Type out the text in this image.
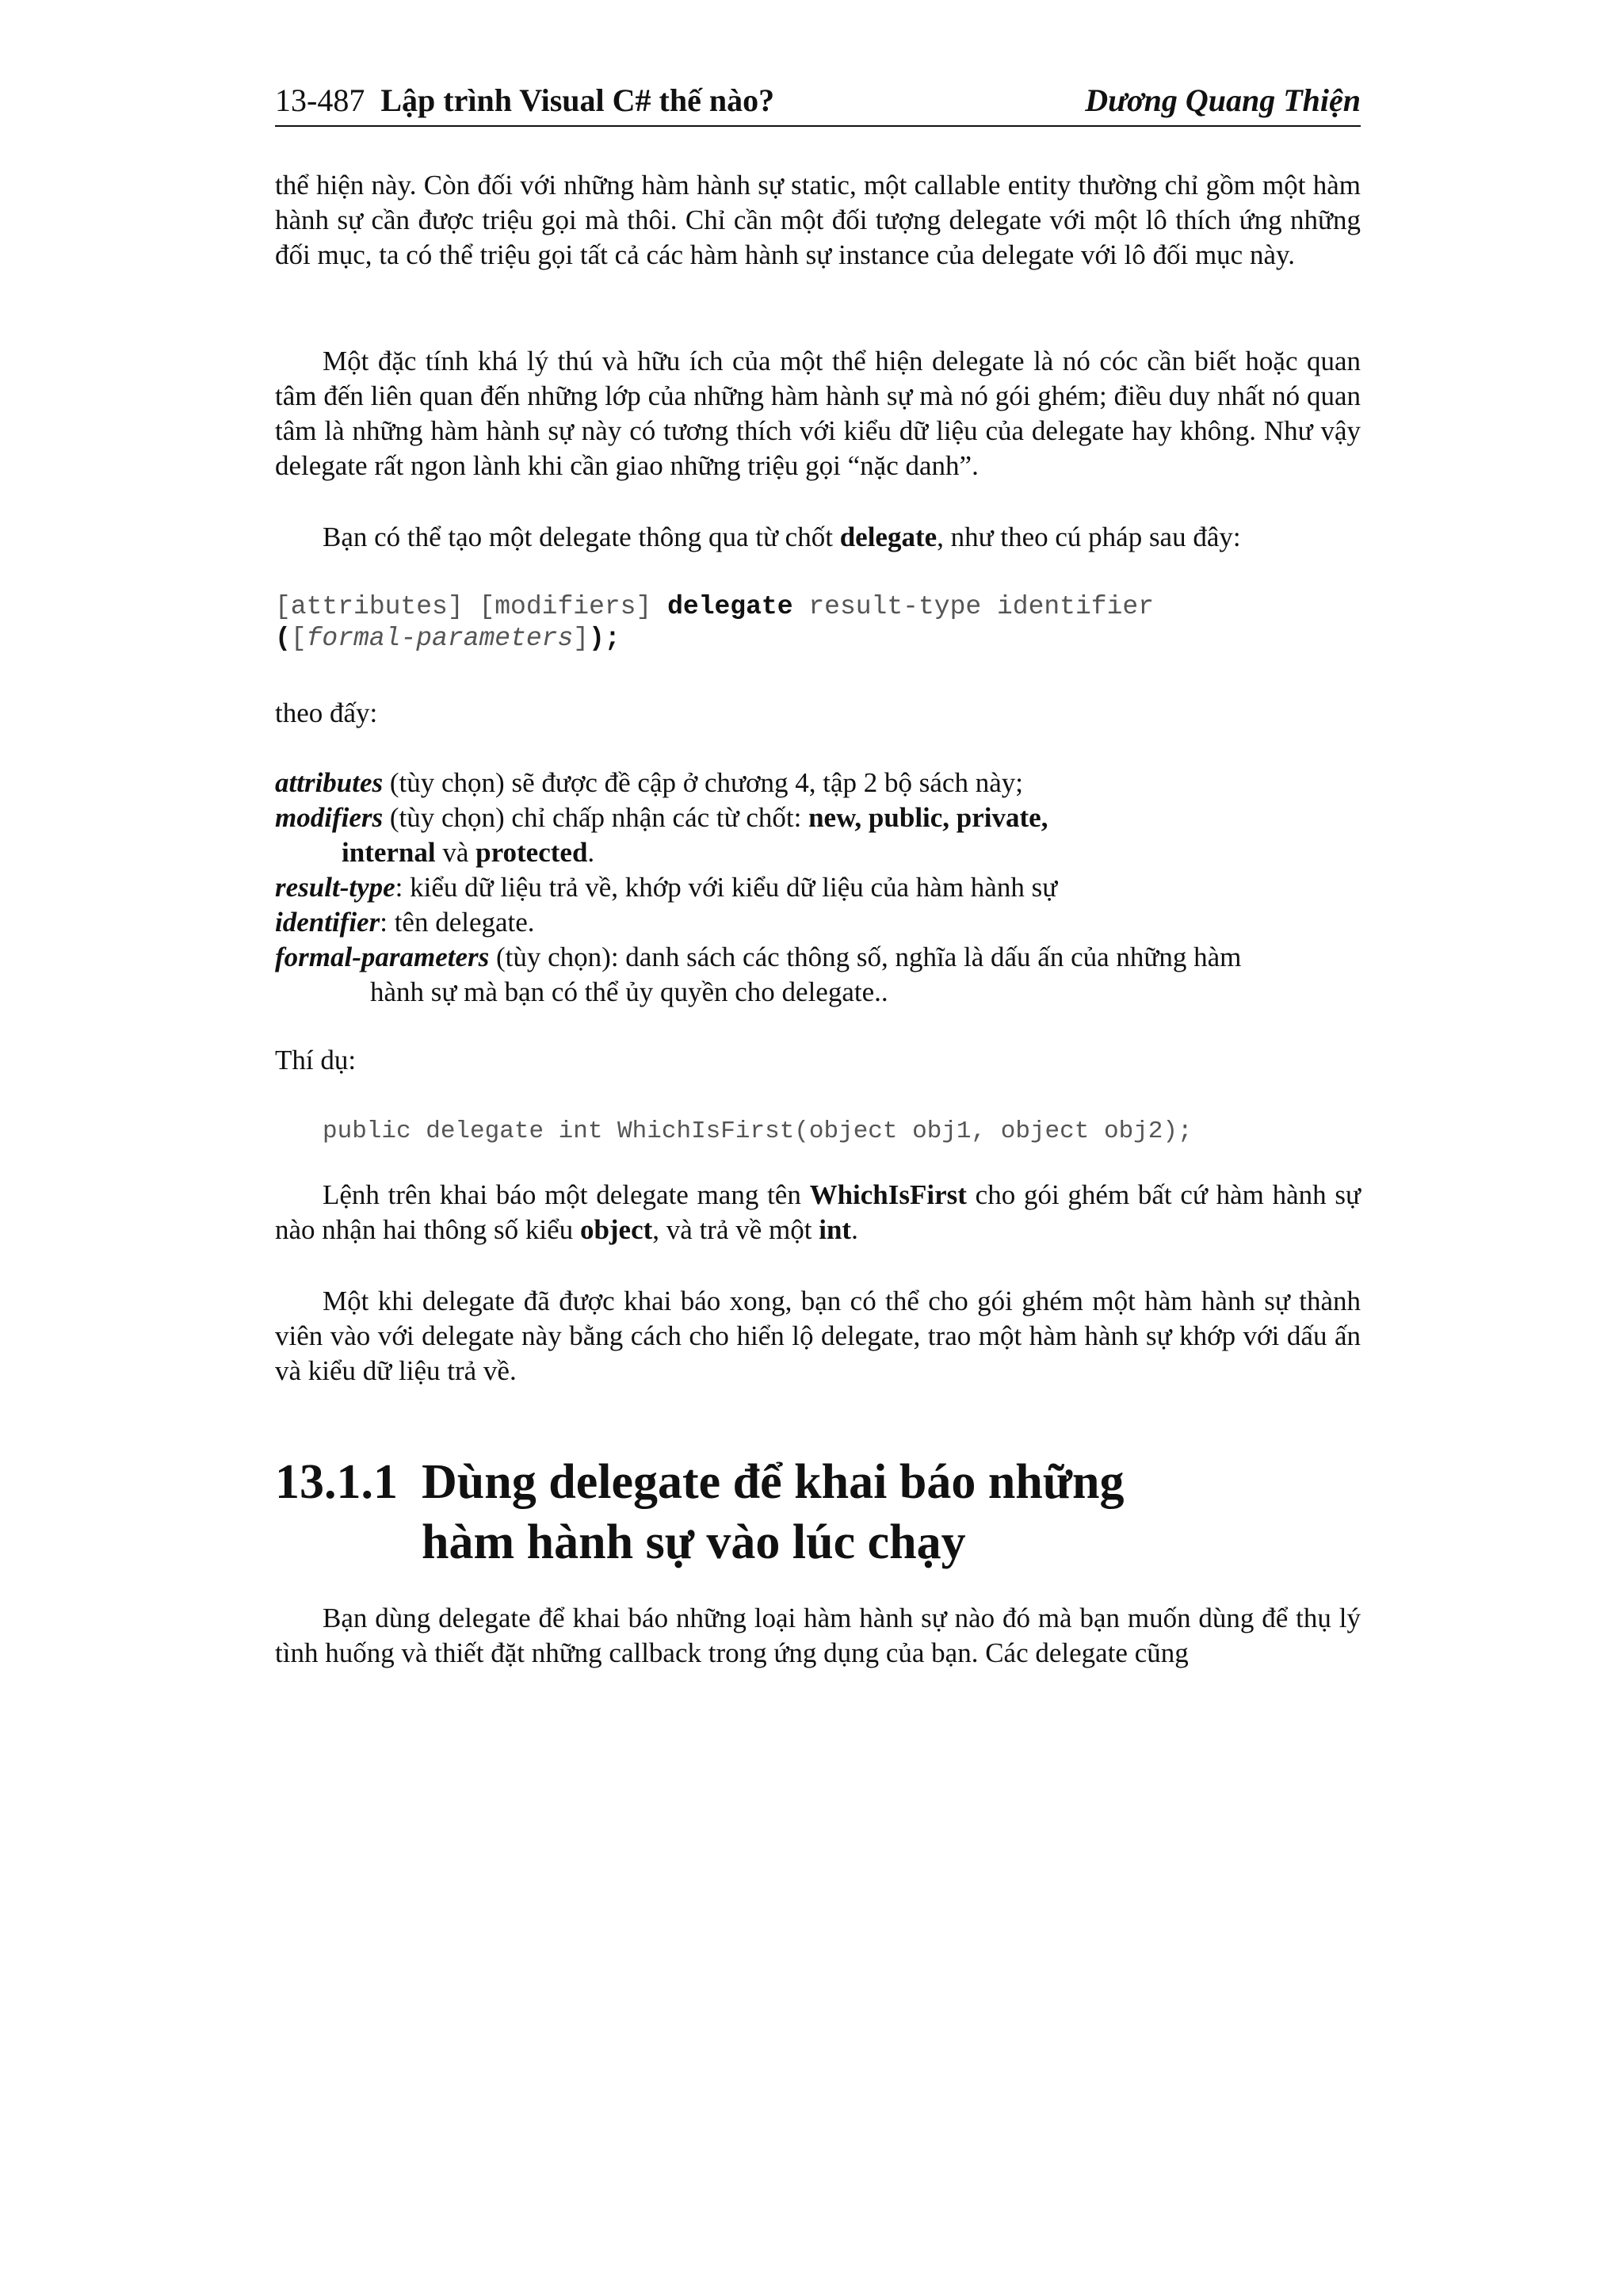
13-487 Lập trình Visual C# thế nào?	Dương Quang Thiện
thể hiện này. Còn đối với những hàm hành sự static, một callable entity thường chỉ gồm một hàm hành sự cần được triệu gọi mà thôi. Chỉ cần một đối tượng delegate với một lô thích ứng những đối mục, ta có thể triệu gọi tất cả các hàm hành sự instance của delegate với lô đối mục này.
Một đặc tính khá lý thú và hữu ích của một thể hiện delegate là nó cóc cần biết hoặc quan tâm đến liên quan đến những lớp của những hàm hành sự mà nó gói ghém; điều duy nhất nó quan tâm là những hàm hành sự này có tương thích với kiểu dữ liệu của delegate hay không. Như vậy delegate rất ngon lành khi cần giao những triệu gọi “nặc danh”.
Bạn có thể tạo một delegate thông qua từ chốt delegate, như theo cú pháp sau đây:
[attributes] [modifiers] delegate result-type identifier
([formal-parameters]);
theo đấy:
attributes (tùy chọn) sẽ được đề cập ở chương 4, tập 2 bộ sách này;
modifiers (tùy chọn) chỉ chấp nhận các từ chốt: new, public, private,
internal và protected.
result-type: kiểu dữ liệu trả về, khớp với kiểu dữ liệu của hàm hành sự
identifier: tên delegate.
formal-parameters (tùy chọn): danh sách các thông số, nghĩa là dấu ấn của những hàm
hành sự mà bạn có thể ủy quyền cho delegate..
Thí dụ:
public delegate int WhichIsFirst(object obj1, object obj2);
Lệnh trên khai báo một delegate mang tên WhichIsFirst cho gói ghém bất cứ hàm hành sự nào nhận hai thông số kiểu object, và trả về một int.
Một khi delegate đã được khai báo xong, bạn có thể cho gói ghém một hàm hành sự thành viên vào với delegate này bằng cách cho hiển lộ delegate, trao một hàm hành sự khớp với dấu ấn và kiểu dữ liệu trả về.
13.1.1 Dùng delegate để khai báo những
hàm hành sự vào lúc chạy
Bạn dùng delegate để khai báo những loại hàm hành sự nào đó mà bạn muốn dùng để thụ lý tình huống và thiết đặt những callback trong ứng dụng của bạn. Các delegate cũng
